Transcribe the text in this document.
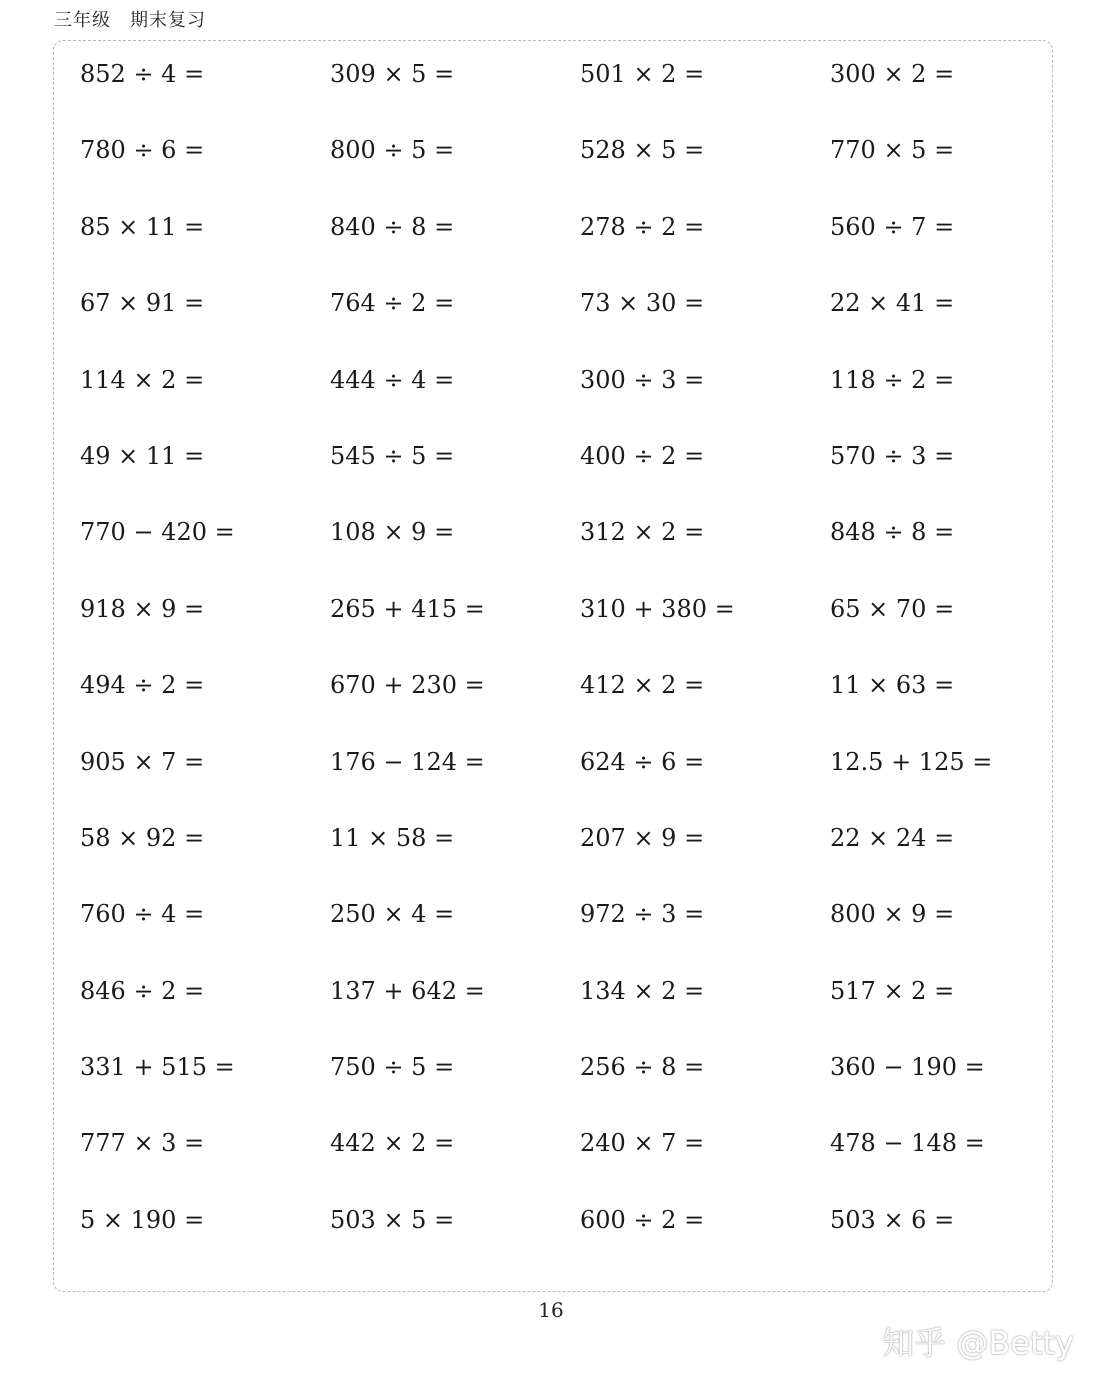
三年级　期末复习
852 ÷ 4 =	309 × 5 =	501 × 2 =	300 × 2 =
780 ÷ 6 =	800 ÷ 5 =	528 × 5 =	770 × 5 =
85 × 11 =	840 ÷ 8 =	278 ÷ 2 =	560 ÷ 7 =
67 × 91 =	764 ÷ 2 =	73 × 30 =	22 × 41 =
114 × 2 =	444 ÷ 4 =	300 ÷ 3 =	118 ÷ 2 =
49 × 11 =	545 ÷ 5 =	400 ÷ 2 =	570 ÷ 3 =
770 − 420 =	108 × 9 =	312 × 2 =	848 ÷ 8 =
918 × 9 =	265 + 415 =	310 + 380 =	65 × 70 =
494 ÷ 2 =	670 + 230 =	412 × 2 =	11 × 63 =
905 × 7 =	176 − 124 =	624 ÷ 6 =	12.5 + 125 =
58 × 92 =	11 × 58 =	207 × 9 =	22 × 24 =
760 ÷ 4 =	250 × 4 =	972 ÷ 3 =	800 × 9 =
846 ÷ 2 =	137 + 642 =	134 × 2 =	517 × 2 =
331 + 515 =	750 ÷ 5 =	256 ÷ 8 =	360 − 190 =
777 × 3 =	442 × 2 =	240 × 7 =	478 − 148 =
5 × 190 =	503 × 5 =	600 ÷ 2 =	503 × 6 =
16
知乎 @Betty
